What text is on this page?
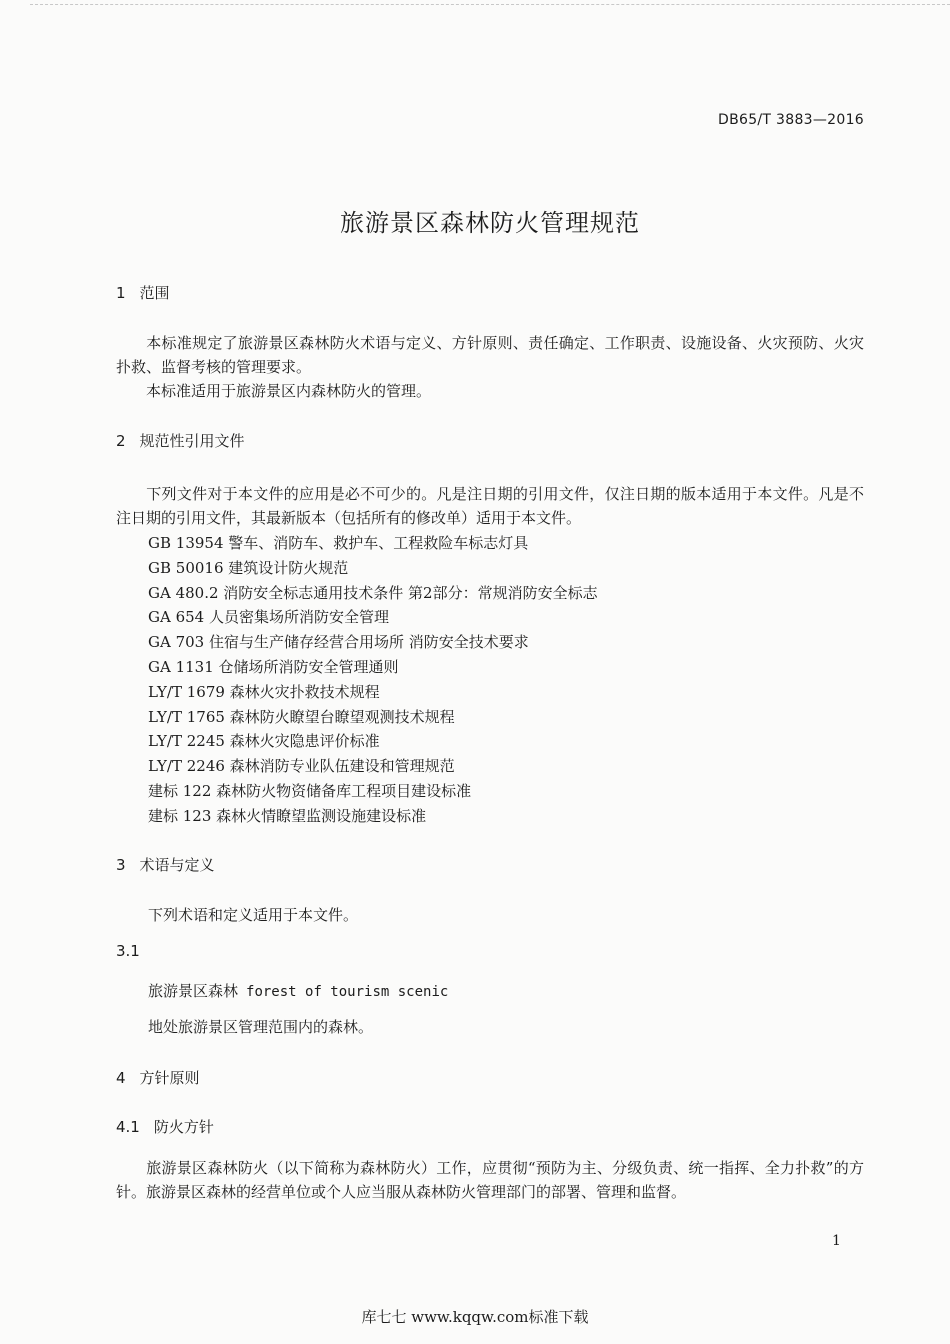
DB65/T 3883—2016
旅游景区森林防火管理规范
1 范围
本标准规定了旅游景区森林防火术语与定义、方针原则、责任确定、工作职责、设施设备、火灾预防、火灾扑救、监督考核的管理要求。
本标准适用于旅游景区内森林防火的管理。
2 规范性引用文件
下列文件对于本文件的应用是必不可少的。凡是注日期的引用文件，仅注日期的版本适用于本文件。凡是不注日期的引用文件，其最新版本（包括所有的修改单）适用于本文件。
GB 13954 警车、消防车、救护车、工程救险车标志灯具
GB 50016 建筑设计防火规范
GA 480.2 消防安全标志通用技术条件 第2部分：常规消防安全标志
GA 654 人员密集场所消防安全管理
GA 703 住宿与生产储存经营合用场所 消防安全技术要求
GA 1131 仓储场所消防安全管理通则
LY/T 1679 森林火灾扑救技术规程
LY/T 1765 森林防火瞭望台瞭望观测技术规程
LY/T 2245 森林火灾隐患评价标准
LY/T 2246 森林消防专业队伍建设和管理规范
建标 122 森林防火物资储备库工程项目建设标准
建标 123 森林火情瞭望监测设施建设标准
3 术语与定义
下列术语和定义适用于本文件。
3.1
旅游景区森林 forest of tourism scenic
地处旅游景区管理范围内的森林。
4 方针原则
4.1 防火方针
旅游景区森林防火（以下简称为森林防火）工作，应贯彻“预防为主、分级负责、统一指挥、全力扑救”的方针。旅游景区森林的经营单位或个人应当服从森林防火管理部门的部署、管理和监督。
1
库七七 www.kqqw.com标准下载
